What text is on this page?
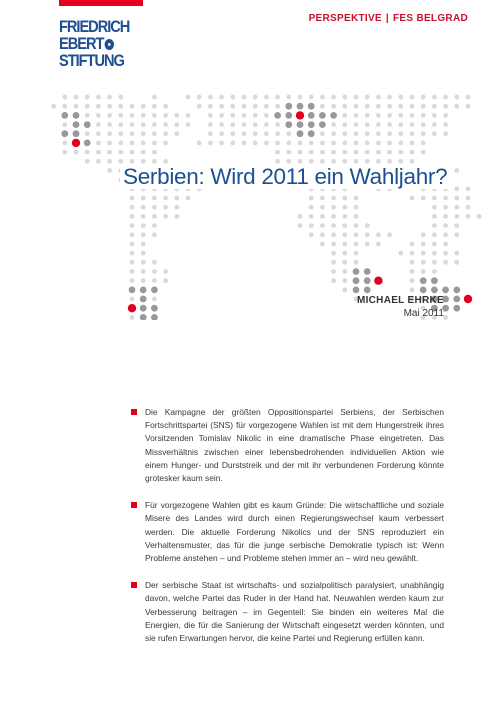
FRIEDRICH
EBERT
STIFTUNG
PERSPEKTIVE | FES BELGRAD
Serbien: Wird 2011 ein Wahljahr?
MICHAEL EHRKE
Mai 2011

Die Kampagne der größten Oppositionspartei Serbiens, der Serbischen Fortschrittspartei (SNS) für vorgezogene Wahlen ist mit dem Hungerstreik ihres Vorsitzenden Tomislav Nikolic in eine dramatische Phase eingetreten. Das Missverhältnis zwischen einer lebensbedrohenden individuellen Aktion wie einem Hunger- und Durststreik und der mit ihr verbundenen Forderung könnte grotesker kaum sein.

Für vorgezogene Wahlen gibt es kaum Gründe: Die wirtschaftliche und soziale Misere des Landes wird durch einen Regierungswechsel kaum verbessert werden. Die aktuelle Forderung Nikolics und der SNS reproduziert ein Verhaltensmuster, das für die junge serbische Demokratie typisch ist: Wenn Probleme anstehen – und Probleme stehen immer an – wird neu gewählt.

Der serbische Staat ist wirtschafts- und sozialpolitisch paralysiert, unabhängig davon, welche Partei das Ruder in der Hand hat. Neuwahlen werden kaum zur Verbesserung beitragen – im Gegenteil: Sie binden ein weiteres Mal die Energien, die für die Sanierung der Wirtschaft eingesetzt werden könnten, und sie rufen Erwartungen hervor, die keine Partei und Regierung erfüllen kann.
